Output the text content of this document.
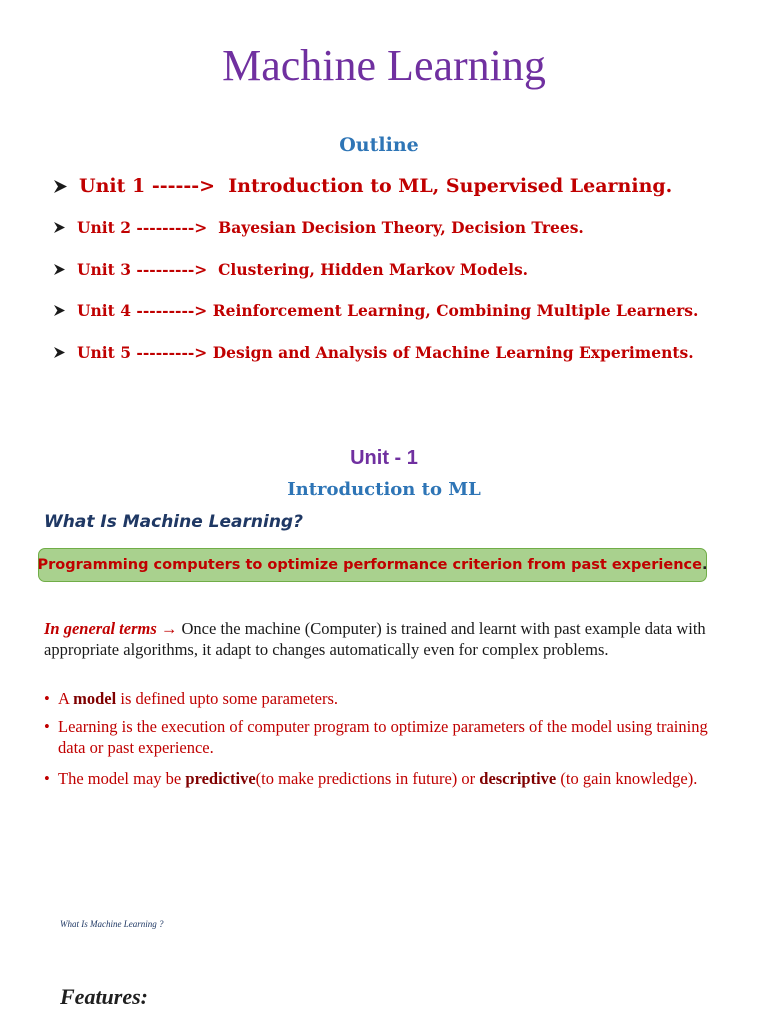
Machine Learning
Outline
Unit 1 ------>
Introduction to ML, Supervised Learning.
Unit 2 --------->
Bayesian Decision Theory, Decision Trees.
Unit 3 --------->
Clustering, Hidden Markov Models.
Unit 4 --------->
Reinforcement Learning, Combining Multiple Learners.
Unit 5 --------->
Design and Analysis of Machine Learning Experiments.
Unit - 1
Introduction to ML
What Is Machine Learning?
Programming computers to optimize performance criterion from past experience .
In general terms → Once the machine (Computer) is trained and learnt with past example data with appropriate algorithms, it adapt to changes automatically even for complex problems.
• A model is defined upto some parameters.
• Learning is the execution of computer program to optimize parameters of the model using training data or past experience.
• The model may be predictive(to make predictions in future) or descriptive (to gain knowledge).
What Is Machine Learning ?
Features:
